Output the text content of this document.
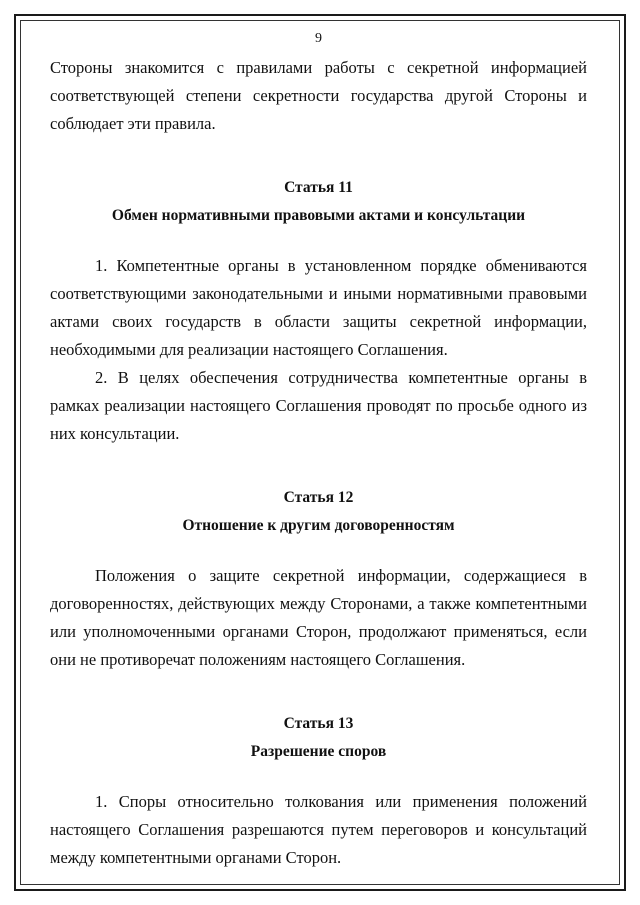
9

Стороны знакомится с правилами работы с секретной информацией соответствующей степени секретности государства другой Стороны и соблюдает эти правила.

Статья 11
Обмен нормативными правовыми актами и консультации

1. Компетентные органы в установленном порядке обмениваются соответствующими законодательными и иными нормативными правовыми актами своих государств в области защиты секретной информации, необходимыми для реализации настоящего Соглашения.

2. В целях обеспечения сотрудничества компетентные органы в рамках реализации настоящего Соглашения проводят по просьбе одного из них консультации.

Статья 12
Отношение к другим договоренностям

Положения о защите секретной информации, содержащиеся в договоренностях, действующих между Сторонами, а также компетентными или уполномоченными органами Сторон, продолжают применяться, если они не противоречат положениям настоящего Соглашения.

Статья 13
Разрешение споров

1. Споры относительно толкования или применения положений настоящего Соглашения разрешаются путем переговоров и консультаций между компетентными органами Сторон.
